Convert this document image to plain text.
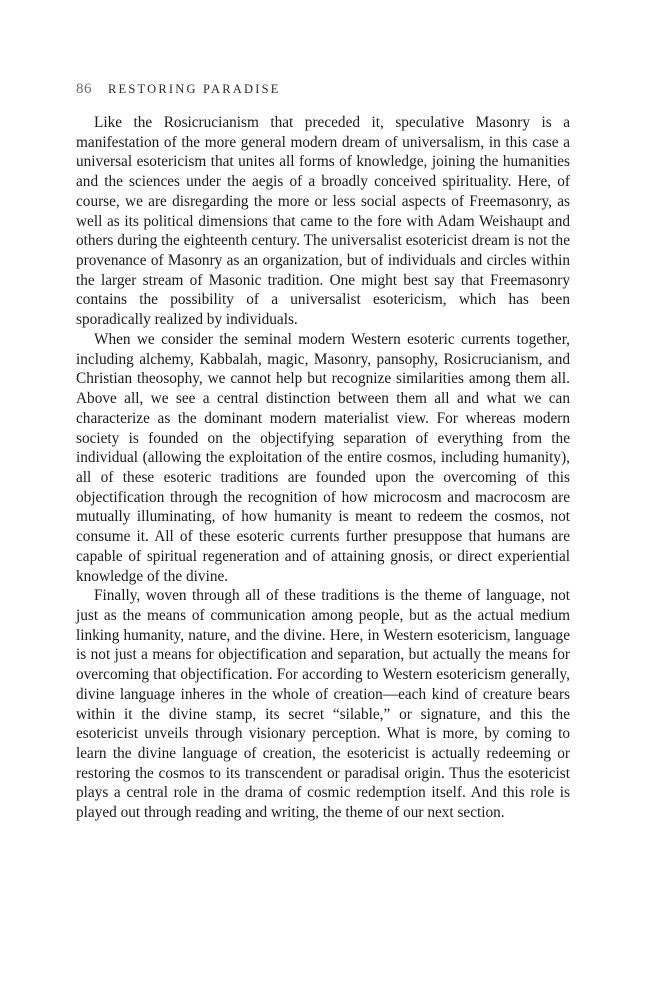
86 RESTORING PARADISE

Like the Rosicrucianism that preceded it, speculative Masonry is a manifestation of the more general modern dream of universalism, in this case a universal esotericism that unites all forms of knowledge, joining the humanities and the sciences under the aegis of a broadly conceived spirituality. Here, of course, we are disregarding the more or less social aspects of Freemasonry, as well as its political dimensions that came to the fore with Adam Weishaupt and others during the eighteenth century. The universalist esotericist dream is not the provenance of Masonry as an organization, but of individuals and circles within the larger stream of Masonic tradition. One might best say that Freemasonry contains the possibility of a universalist esotericism, which has been sporadically realized by individuals.

When we consider the seminal modern Western esoteric currents together, including alchemy, Kabbalah, magic, Masonry, pansophy, Rosicrucianism, and Christian theosophy, we cannot help but recognize similarities among them all. Above all, we see a central distinction between them all and what we can characterize as the dominant modern materialist view. For whereas modern society is founded on the objectifying separation of everything from the individual (allowing the exploitation of the entire cosmos, including humanity), all of these esoteric traditions are founded upon the overcoming of this objectification through the recognition of how microcosm and macrocosm are mutually illuminating, of how humanity is meant to redeem the cosmos, not consume it. All of these esoteric currents further presuppose that humans are capable of spiritual regeneration and of attaining gnosis, or direct experiential knowledge of the divine.

Finally, woven through all of these traditions is the theme of language, not just as the means of communication among people, but as the actual medium linking humanity, nature, and the divine. Here, in Western esotericism, language is not just a means for objectification and separation, but actually the means for overcoming that objectification. For according to Western esotericism generally, divine language inheres in the whole of creation—each kind of creature bears within it the divine stamp, its secret “silable,” or signature, and this the esotericist unveils through visionary perception. What is more, by coming to learn the divine language of creation, the esotericist is actually redeeming or restoring the cosmos to its transcendent or paradisal origin. Thus the esotericist plays a central role in the drama of cosmic redemption itself. And this role is played out through reading and writing, the theme of our next section.
